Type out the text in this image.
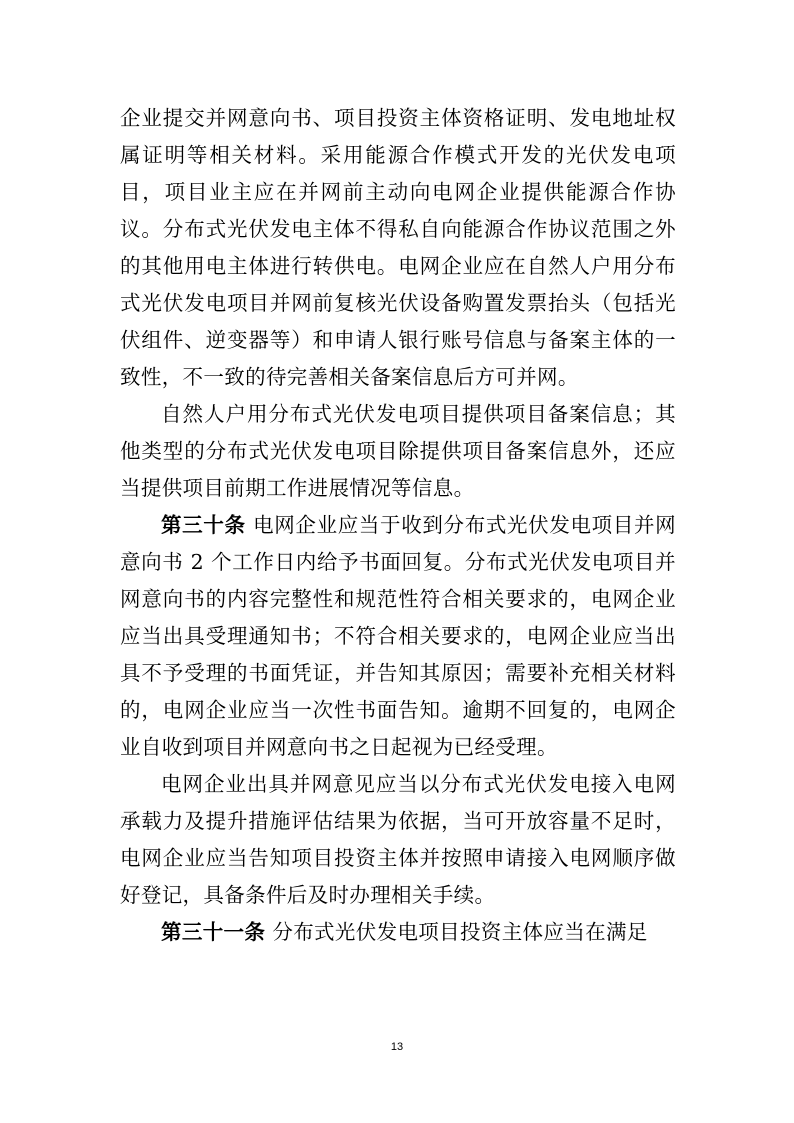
企业提交并网意向书、项目投资主体资格证明、发电地址权属证明等相关材料。采用能源合作模式开发的光伏发电项目，项目业主应在并网前主动向电网企业提供能源合作协议。分布式光伏发电主体不得私自向能源合作协议范围之外的其他用电主体进行转供电。电网企业应在自然人户用分布式光伏发电项目并网前复核光伏设备购置发票抬头（包括光伏组件、逆变器等）和申请人银行账号信息与备案主体的一致性，不一致的待完善相关备案信息后方可并网。

自然人户用分布式光伏发电项目提供项目备案信息；其他类型的分布式光伏发电项目除提供项目备案信息外，还应当提供项目前期工作进展情况等信息。

第三十条  电网企业应当于收到分布式光伏发电项目并网意向书 2 个工作日内给予书面回复。分布式光伏发电项目并网意向书的内容完整性和规范性符合相关要求的，电网企业应当出具受理通知书；不符合相关要求的，电网企业应当出具不予受理的书面凭证，并告知其原因；需要补充相关材料的，电网企业应当一次性书面告知。逾期不回复的，电网企业自收到项目并网意向书之日起视为已经受理。

电网企业出具并网意见应当以分布式光伏发电接入电网承载力及提升措施评估结果为依据，当可开放容量不足时，电网企业应当告知项目投资主体并按照申请接入电网顺序做好登记，具备条件后及时办理相关手续。

第三十一条  分布式光伏发电项目投资主体应当在满足

13
